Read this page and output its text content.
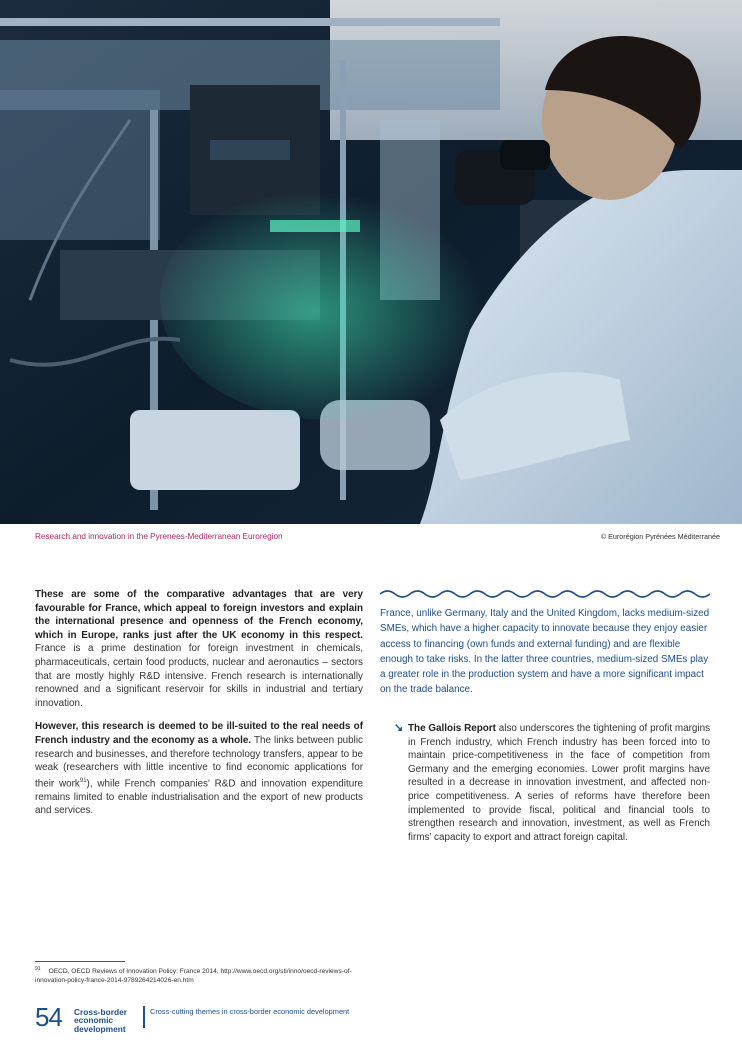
Research and innovation in the Pyrenees-Mediterranean Euroregion	© Eurorégion Pyrénées Méditerranée

These are some of the comparative advantages that are very favourable for France, which appeal to foreign investors and explain the international presence and openness of the French economy, which in Europe, ranks just after the UK economy in this respect. France is a prime destination for foreign investment in chemicals, pharmaceuticals, certain food products, nuclear and aeronautics – sectors that are mostly highly R&D intensive. French research is internationally renowned and a significant reservoir for skills in industrial and tertiary innovation.

However, this research is deemed to be ill-suited to the real needs of French industry and the economy as a whole. The links between public research and businesses, and therefore technology transfers, appear to be weak (researchers with little incentive to find economic applications for their work$^{91}$), while French companies' R&D and innovation expenditure remains limited to enable industrialisation and the export of new products and services.

France, unlike Germany, Italy and the United Kingdom, lacks medium-sized SMEs, which have a higher capacity to innovate because they enjoy easier access to financing (own funds and external funding) and are flexible enough to take risks. In the latter three countries, medium-sized SMEs play a greater role in the production system and have a more significant impact on the trade balance.
↘ The Gallois Report also underscores the tightening of profit margins in French industry, which French industry has been forced into to maintain price-competitiveness in the face of competition from Germany and the emerging economies. Lower profit margins have resulted in a decrease in innovation investment, and affected non-price competitiveness. A series of reforms have therefore been implemented to provide fiscal, political and financial tools to strengthen research and innovation, investment, as well as French firms' capacity to export and attract foreign capital.
$^{91}$ OECD, OECD Reviews of Innovation Policy: France 2014, http://www.oecd.org/sti/inno/oecd-reviews-of-innovation-policy-france-2014-9789264214026-en.htm
54 Cross-border
economic
development
Cross-cutting themes in cross-border economic development
